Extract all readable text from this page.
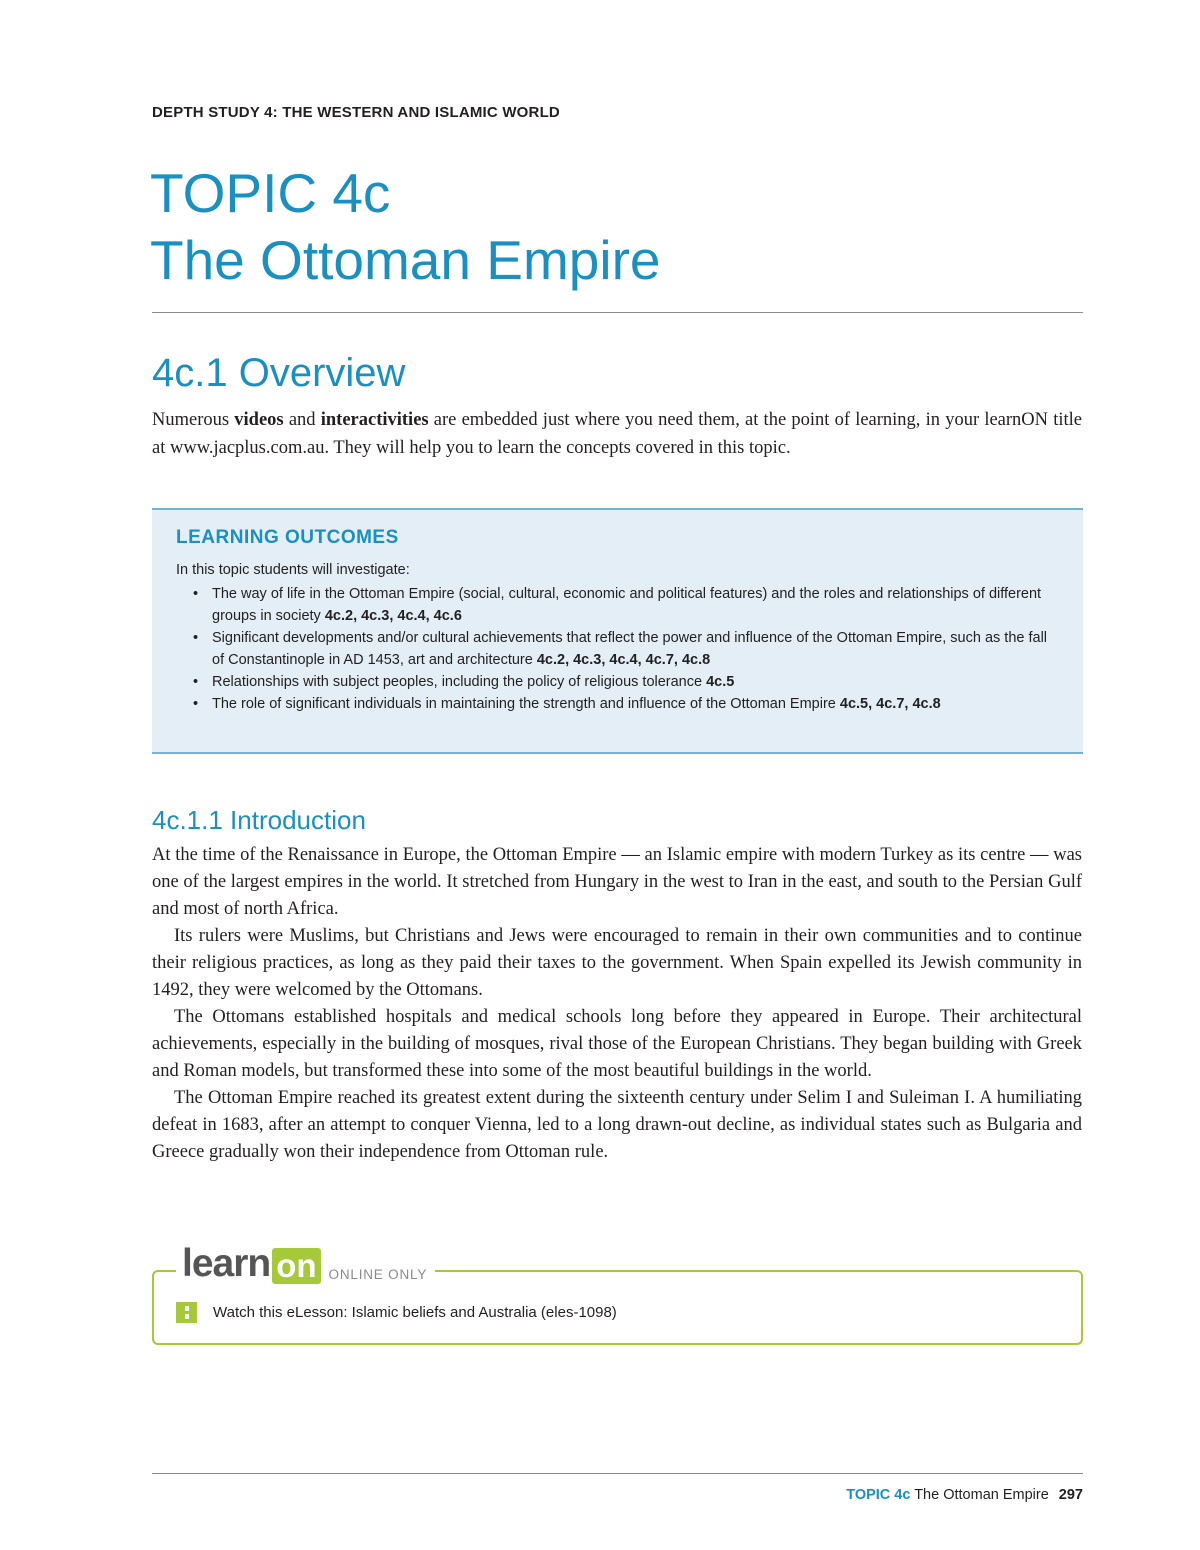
DEPTH STUDY 4: THE WESTERN AND ISLAMIC WORLD
TOPIC 4c
The Ottoman Empire
4c.1 Overview

Numerous videos and interactivities are embedded just where you need them, at the point of learning, in your learnON title at www.jacplus.com.au. They will help you to learn the concepts covered in this topic.

LEARNING OUTCOMES
In this topic students will investigate:
• The way of life in the Ottoman Empire (social, cultural, economic and political features) and the roles and relationships of different groups in society 4c.2, 4c.3, 4c.4, 4c.6
• Significant developments and/or cultural achievements that reflect the power and influence of the Ottoman Empire, such as the fall of Constantinople in AD 1453, art and architecture 4c.2, 4c.3, 4c.4, 4c.7, 4c.8
• Relationships with subject peoples, including the policy of religious tolerance 4c.5
• The role of significant individuals in maintaining the strength and influence of the Ottoman Empire 4c.5, 4c.7, 4c.8
4c.1.1 Introduction

At the time of the Renaissance in Europe, the Ottoman Empire — an Islamic empire with modern Turkey as its centre — was one of the largest empires in the world. It stretched from Hungary in the west to Iran in the east, and south to the Persian Gulf and most of north Africa.

Its rulers were Muslims, but Christians and Jews were encouraged to remain in their own communities and to continue their religious practices, as long as they paid their taxes to the government. When Spain expelled its Jewish community in 1492, they were welcomed by the Ottomans.

The Ottomans established hospitals and medical schools long before they appeared in Europe. Their architectural achievements, especially in the building of mosques, rival those of the European Christians. They began building with Greek and Roman models, but transformed these into some of the most beautiful buildings in the world.

The Ottoman Empire reached its greatest extent during the sixteenth century under Selim I and Suleiman I. A humiliating defeat in 1683, after an attempt to conquer Vienna, led to a long drawn-out decline, as individual states such as Bulgaria and Greece gradually won their independence from Ottoman rule.

learn on ONLINE ONLY
Watch this eLesson: Islamic beliefs and Australia (eles-1098)
TOPIC 4c The Ottoman Empire 297
